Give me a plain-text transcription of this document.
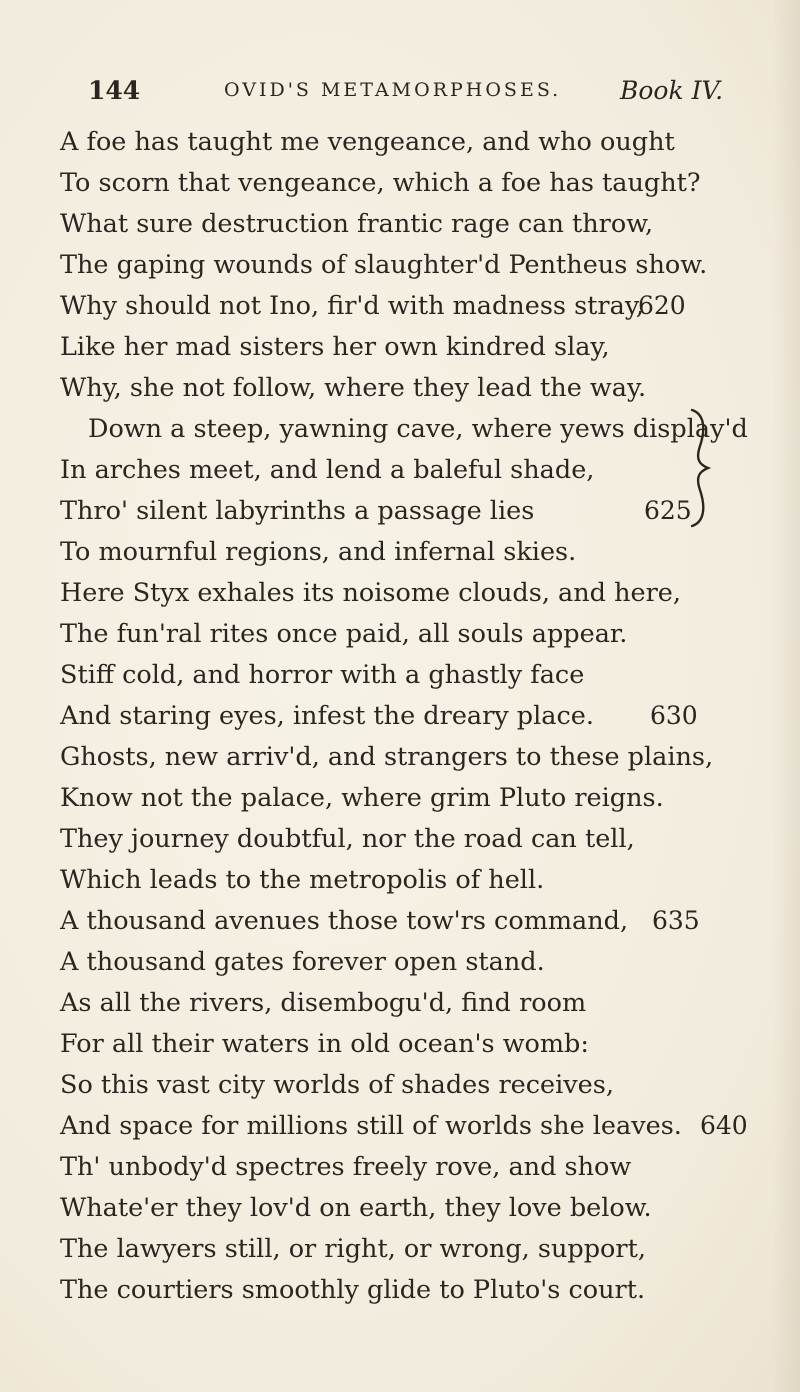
144	OVID'S METAMORPHOSES. Book IV.
A foe has taught me vengeance, and who ought
To scorn that vengeance, which a foe has taught?
What sure destruction frantic rage can throw,
The gaping wounds of slaughter'd Pentheus show.
Why should not Ino, fir'd with madness stray,
620
Like her mad sisters her own kindred slay,
Why, she not follow, where they lead the way.
Down a steep, yawning cave, where yews display'd
In arches meet, and lend a baleful shade,
Thro' silent labyrinths a passage lies	625
To mournful regions, and infernal skies.
Here Styx exhales its noisome clouds, and here,
The fun'ral rites once paid, all souls appear.
Stiff cold, and horror with a ghastly face
And staring eyes, infest the dreary place. 630
Ghosts, new arriv'd, and strangers to these plains,
Know not the palace, where grim Pluto reigns.
They journey doubtful, nor the road can tell,
Which leads to the metropolis of hell.
A thousand avenues those tow'rs command, 635
A thousand gates forever open stand.
As all the rivers, disembogu'd, find room
For all their waters in old ocean's womb:
So this vast city worlds of shades receives,
And space for millions still of worlds she leaves. 640
Th' unbody'd spectres freely rove, and show
Whate'er they lov'd on earth, they love below.
The lawyers still, or right, or wrong, support,
The courtiers smoothly glide to Pluto's court.
